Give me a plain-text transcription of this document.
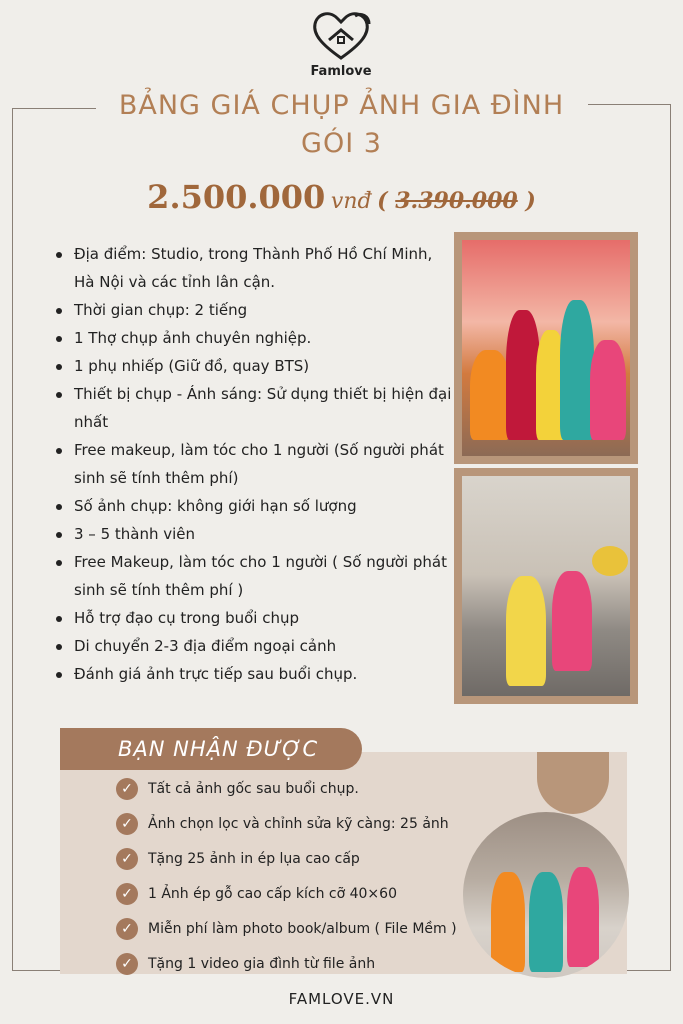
Famlove
BẢNG GIÁ CHỤP ẢNH GIA ĐÌNH
GÓI 3
2.500.000 vnđ ( 3.390.000 )
Địa điểm: Studio, trong Thành Phố Hồ Chí Minh, Hà Nội và các tỉnh lân cận.
Thời gian chụp: 2 tiếng
1 Thợ chụp ảnh chuyên nghiệp.
1 phụ nhiếp (Giữ đồ, quay BTS)
Thiết bị chụp - Ánh sáng: Sử dụng thiết bị hiện đại nhất
Free makeup, làm tóc cho 1 người (Số người phát sinh sẽ tính thêm phí)
Số ảnh chụp: không giới hạn số lượng
3 – 5 thành viên
Free Makeup, làm tóc cho 1 người ( Số người phát sinh sẽ tính thêm phí )
Hỗ trợ đạo cụ trong buổi chụp
Di chuyển 2-3 địa điểm ngoại cảnh
Đánh giá ảnh trực tiếp sau buổi chụp.
BẠN NHẬN ĐƯỢC
✓	Tất cả ảnh gốc sau buổi chụp.
✓	Ảnh chọn lọc và chỉnh sửa kỹ càng: 25 ảnh
✓	Tặng 25 ảnh in ép lụa cao cấp
✓	1 Ảnh ép gỗ cao cấp kích cỡ 40×60
✓	Miễn phí làm photo book/album ( File Mềm )
✓	Tặng 1 video gia đình từ file ảnh
FAMLOVE.VN
